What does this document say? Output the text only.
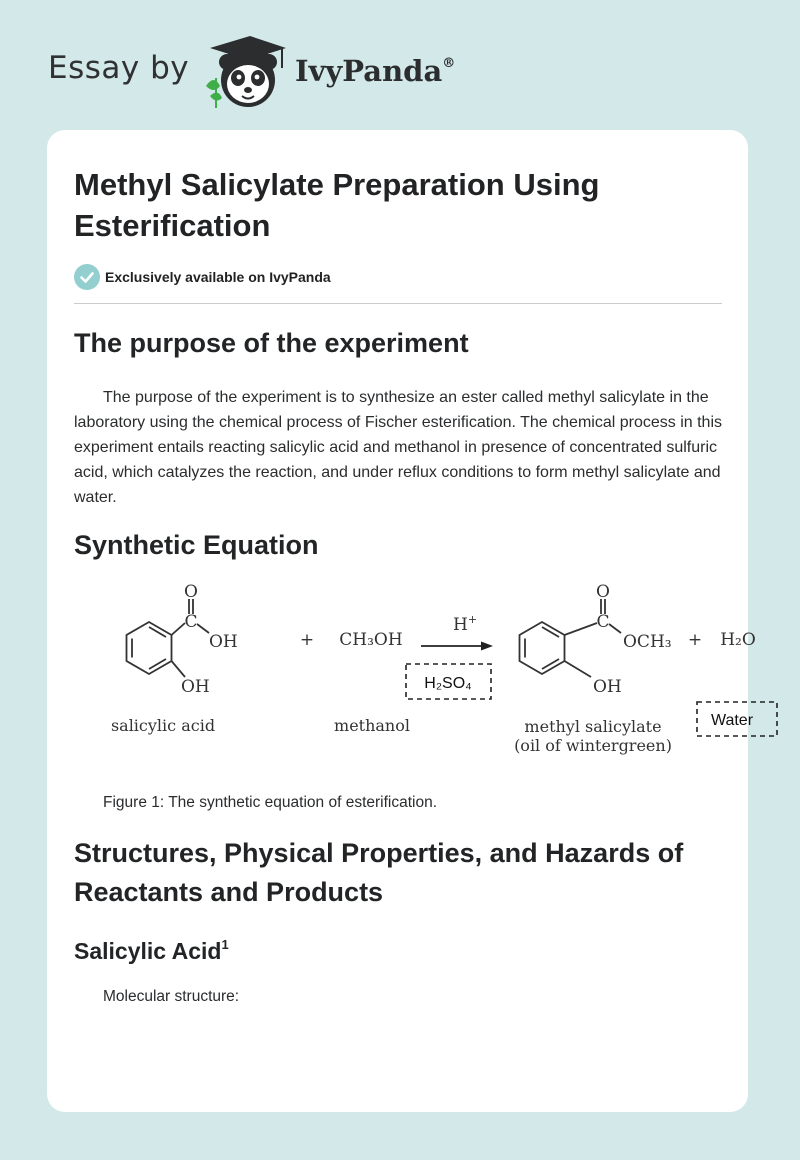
Essay by	IvyPanda®
Methyl Salicylate Preparation Using Esterification
Exclusively available on IvyPanda
The purpose of the experiment

The purpose of the experiment is to synthesize an ester called methyl salicylate in the laboratory using the chemical process of Fischer esterification. The chemical process in this experiment entails reacting salicylic acid and methanol in presence of concentrated sulfuric acid, which catalyzes the reaction, and under reflux conditions to form methyl salicylate and water.

Synthetic Equation
O
C
OH
OH
salicylic acid
+ CH₃OH
methanol
H+
H₂SO₄
O
C
OCH₃
OH
methyl salicylate
(oil of wintergreen)
+ H₂O
Water
Figure 1: The synthetic equation of esterification.
Structures, Physical Properties, and Hazards of Reactants and Products
Salicylic Acid$^1$
Molecular structure:
